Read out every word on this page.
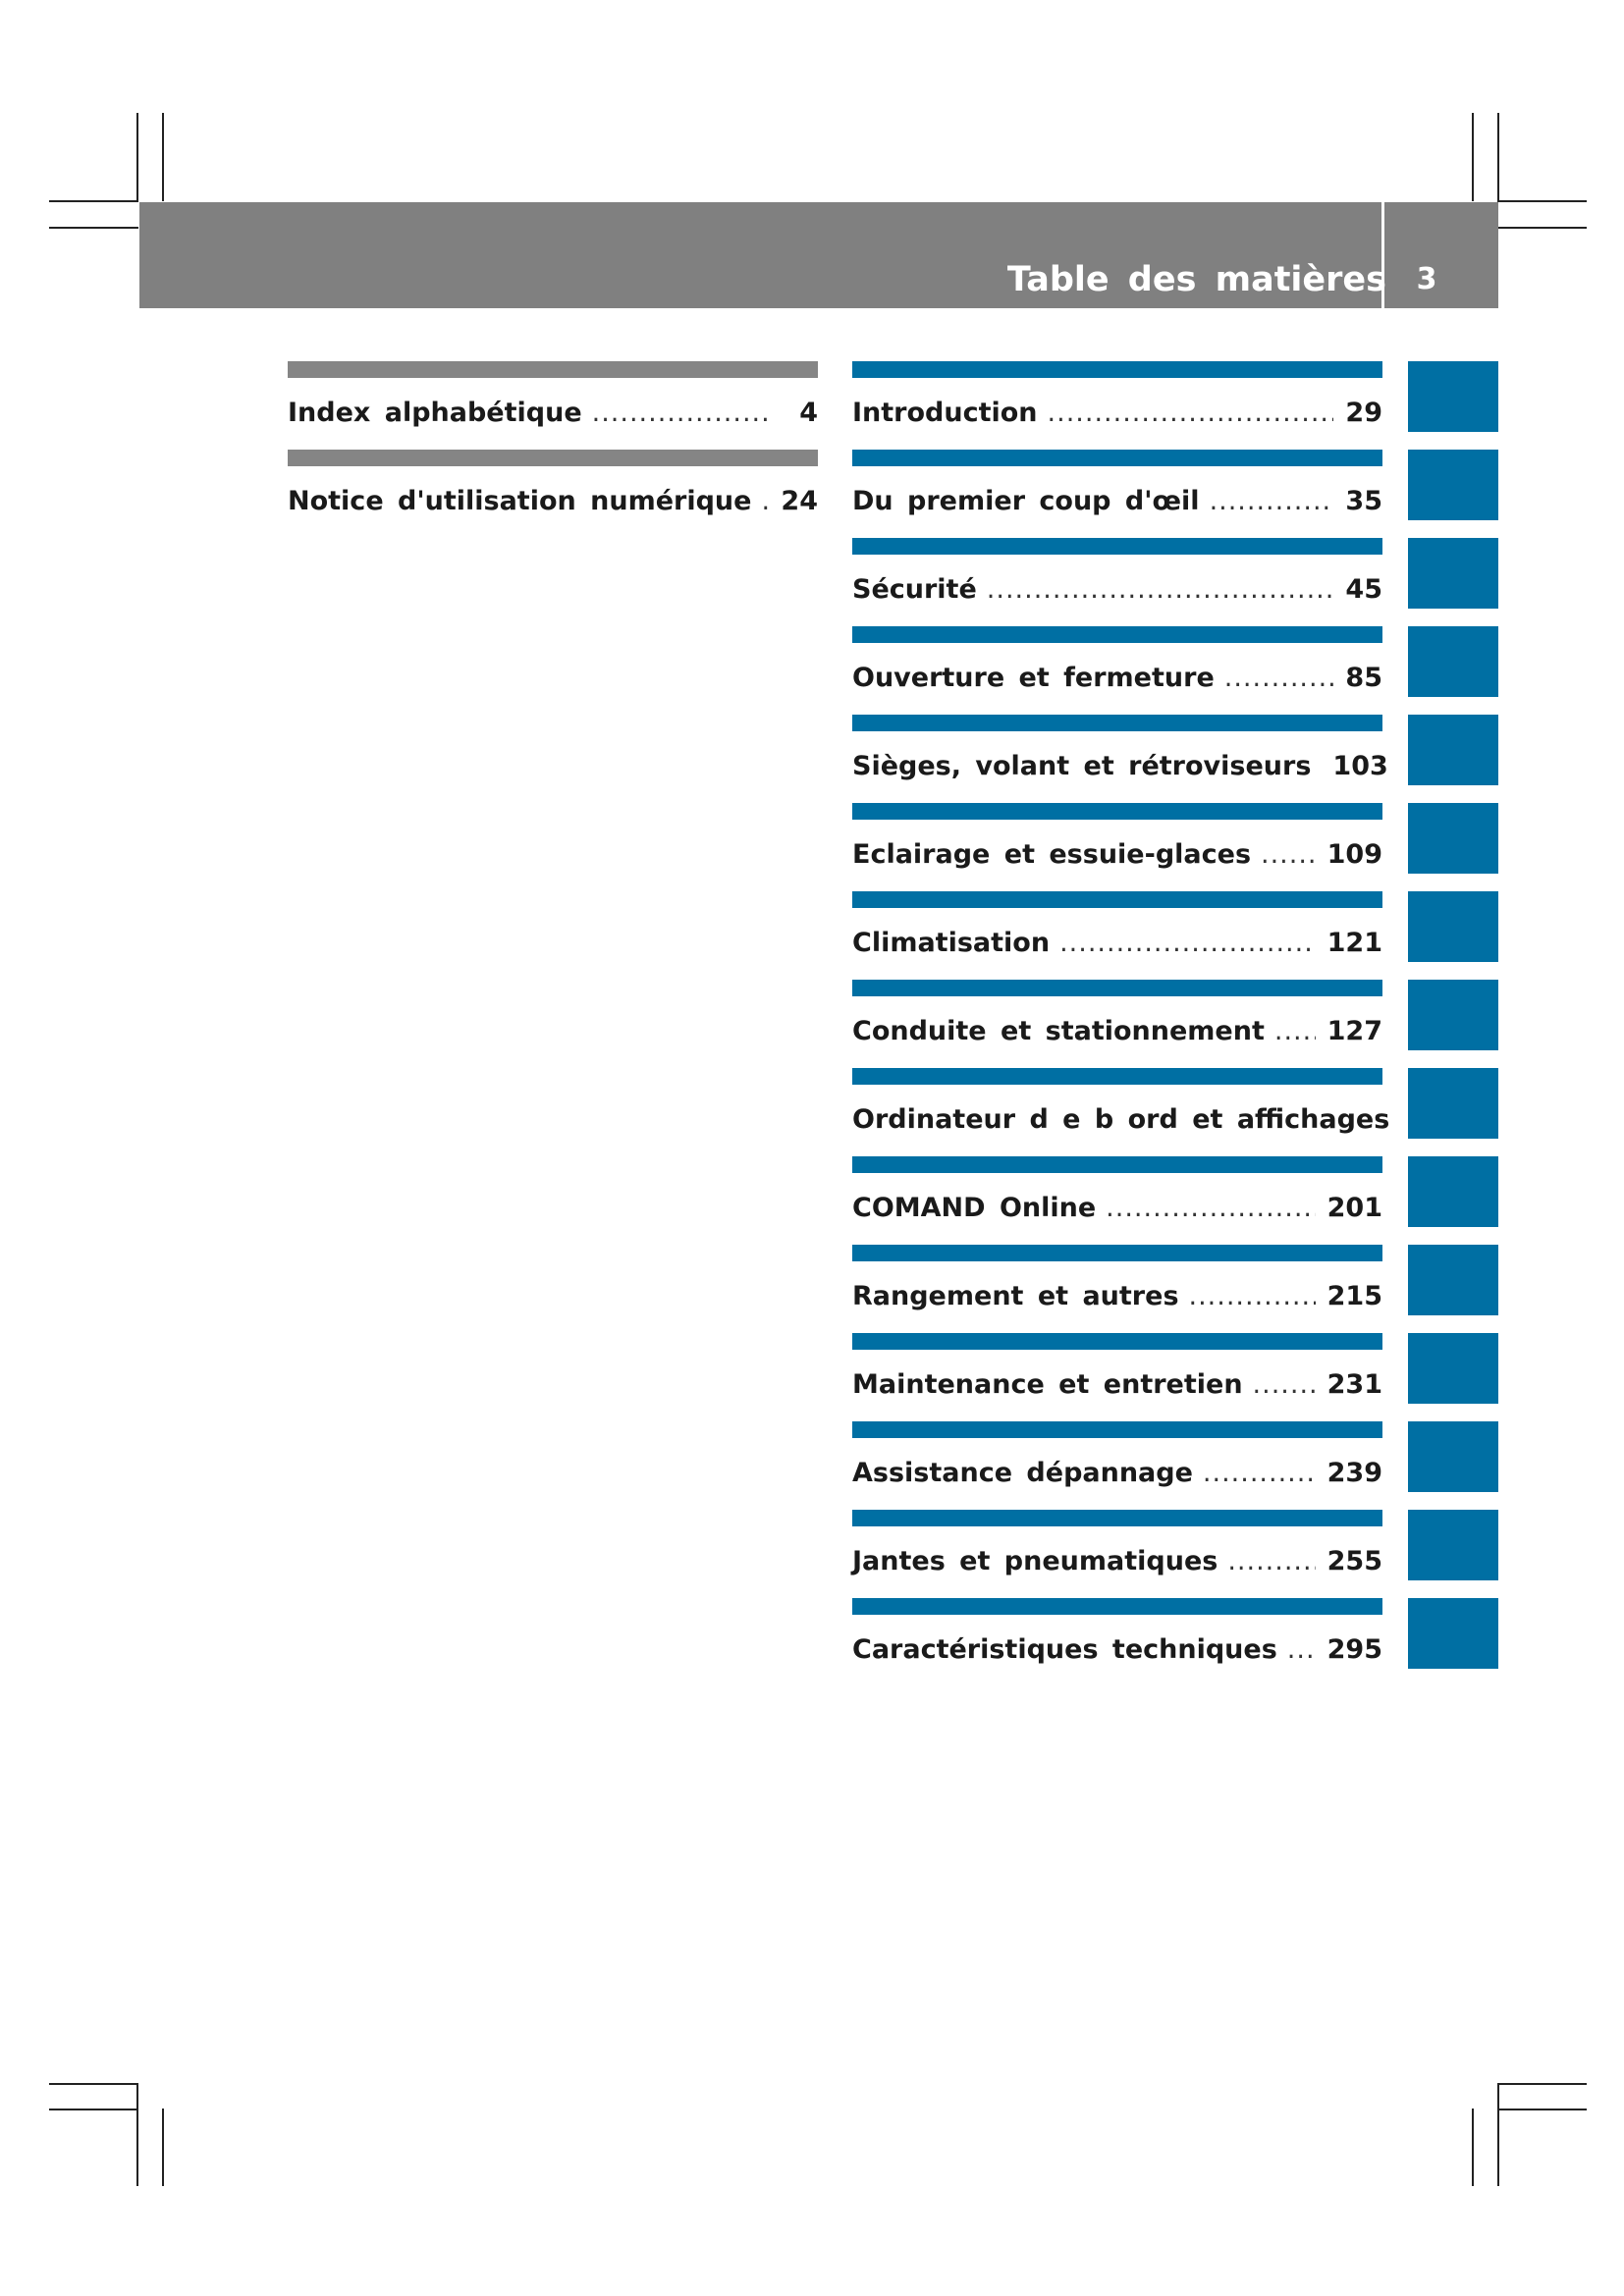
Table des matières	3
Index alphabétique .....	4
Notice d'utilisation numérique ..... 24
Introduction .....	29
Du premier coup d'œil .....	35
Sécurité .....	45
Ouverture et fermeture .....	85
Sièges, volant et rétroviseurs 103
Eclairage et essuie-glaces .....	109
Climatisation .....	121
Conduite et stationnement ..... 127
Ordinateur d e b ord et affichages
COMAND Online .....	201
Rangement et autres .....	215
Maintenance et entretien .....	231
Assistance dépannage .....	239
Jantes et pneumatiques .....	255
Caractéristiques techniques ..... 295
